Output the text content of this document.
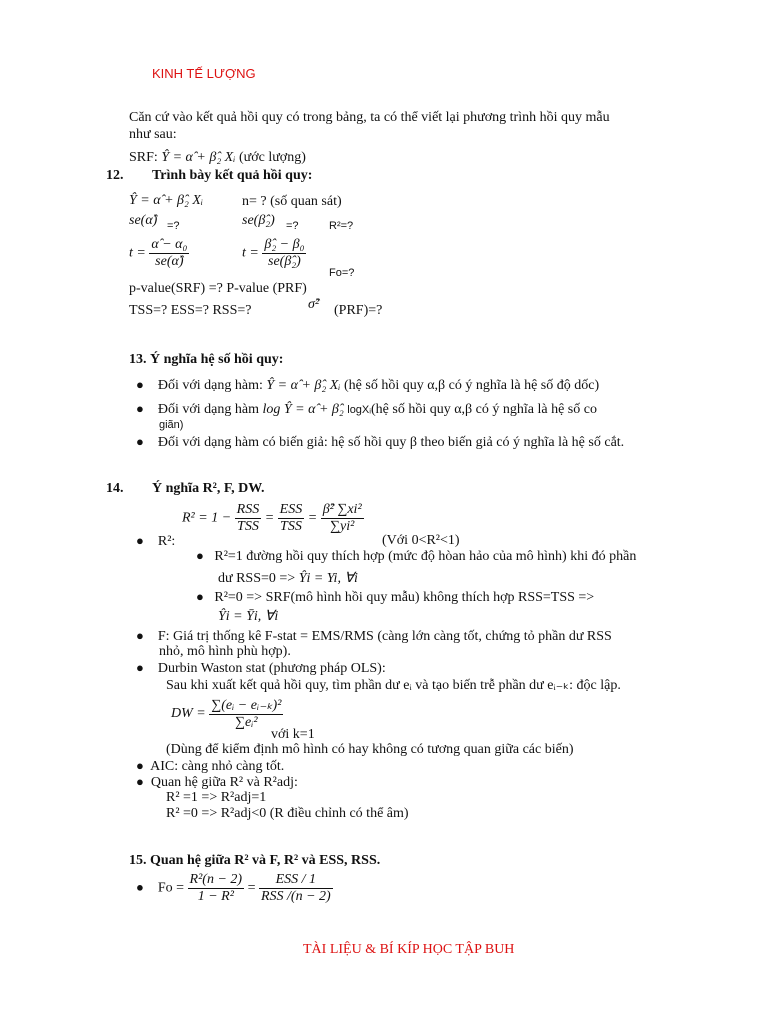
KINH TẾ LƯỢNG
Căn cứ vào kết quả hồi quy có trong bảng, ta có thể viết lại phương trình hồi quy mẫu
như sau:
SRF: Ŷ = α̂ + β̂₂ Xᵢ (ước lượng)
12. Trình bày kết quả hồi quy:
Ŷ = α̂ + β̂₂ Xᵢ	n= ? (số quan sát)
se(α̂) =?	se(β̂₂) =?	R²=?
$t = \frac{\text{α̂ − α₀}}{se(\alphâ)}$	$t = \frac{\text{β̂₂ − β₀}}{\text{se(β̂₂)}}$
Fo=?
p-value(SRF) =? P-value (PRF)
TSS=? ESS=? RSS=?	σ̂² (PRF)=?
13. Ý nghĩa hệ số hồi quy:
● Đối với dạng hàm: Ŷ = α̂ + β̂₂ Xᵢ (hệ số hồi quy α,β có ý nghĩa là hệ số độ dốc)
● Đối với dạng hàm log Ŷ = α̂ + β̂₂ logXᵢ(hệ số hồi quy α,β có ý nghĩa là hệ số co
giãn)
● Đối với dạng hàm có biến giả: hệ số hồi quy β theo biến giả có ý nghĩa là hệ số cắt.
14. Ý nghĩa R², F, DW.
$R^2 = 1 - \frac{\text{RSS}}{\text{TSS}} = \frac{\text{ESS}}{\text{TSS}} = \frac{\text{β̂² ∑xi²}}{\text{∑yi²}}$
● R²:	(Với 0<R²<1)
● R²=1 đường hồi quy thích hợp (mức độ hòan hảo của mô hình) khi đó phần
dư RSS=0 => Ŷi = Yi, ∀i
● R²=0 => SRF(mô hình hồi quy mẫu) không thích hợp RSS=TSS =>
Ŷi = Ȳi, ∀i
● F: Giá trị thống kê F-stat = EMS/RMS (càng lớn càng tốt, chứng tỏ phần dư RSS
nhỏ, mô hình phù hợp).
● Durbin Waston stat (phương pháp OLS):
Sau khi xuất kết quả hồi quy, tìm phần dư eᵢ và tạo biến trễ phần dư eᵢ₋ₖ: độc lập.
DW = $\frac{\text{∑(eᵢ − eᵢ₋ₖ)²}}{\text{∑eᵢ²}}$
với k=1
(Dùng để kiểm định mô hình có hay không có tương quan giữa các biến)
● AIC: càng nhỏ càng tốt.
● Quan hệ giữa R² và R²adj:
R² =1 => R²adj=1
R² =0 => R²adj<0 (R điều chỉnh có thể âm)
15. Quan hệ giữa R² và F, R² và ESS, RSS.
● $Fo = \frac{\text{R²(n − 2)}}{\text{1 − R²}} = \frac{\text{ESS / 1}}{\text{RSS /(n − 2)}}$
TÀI LIỆU & BÍ KÍP HỌC TẬP BUH
